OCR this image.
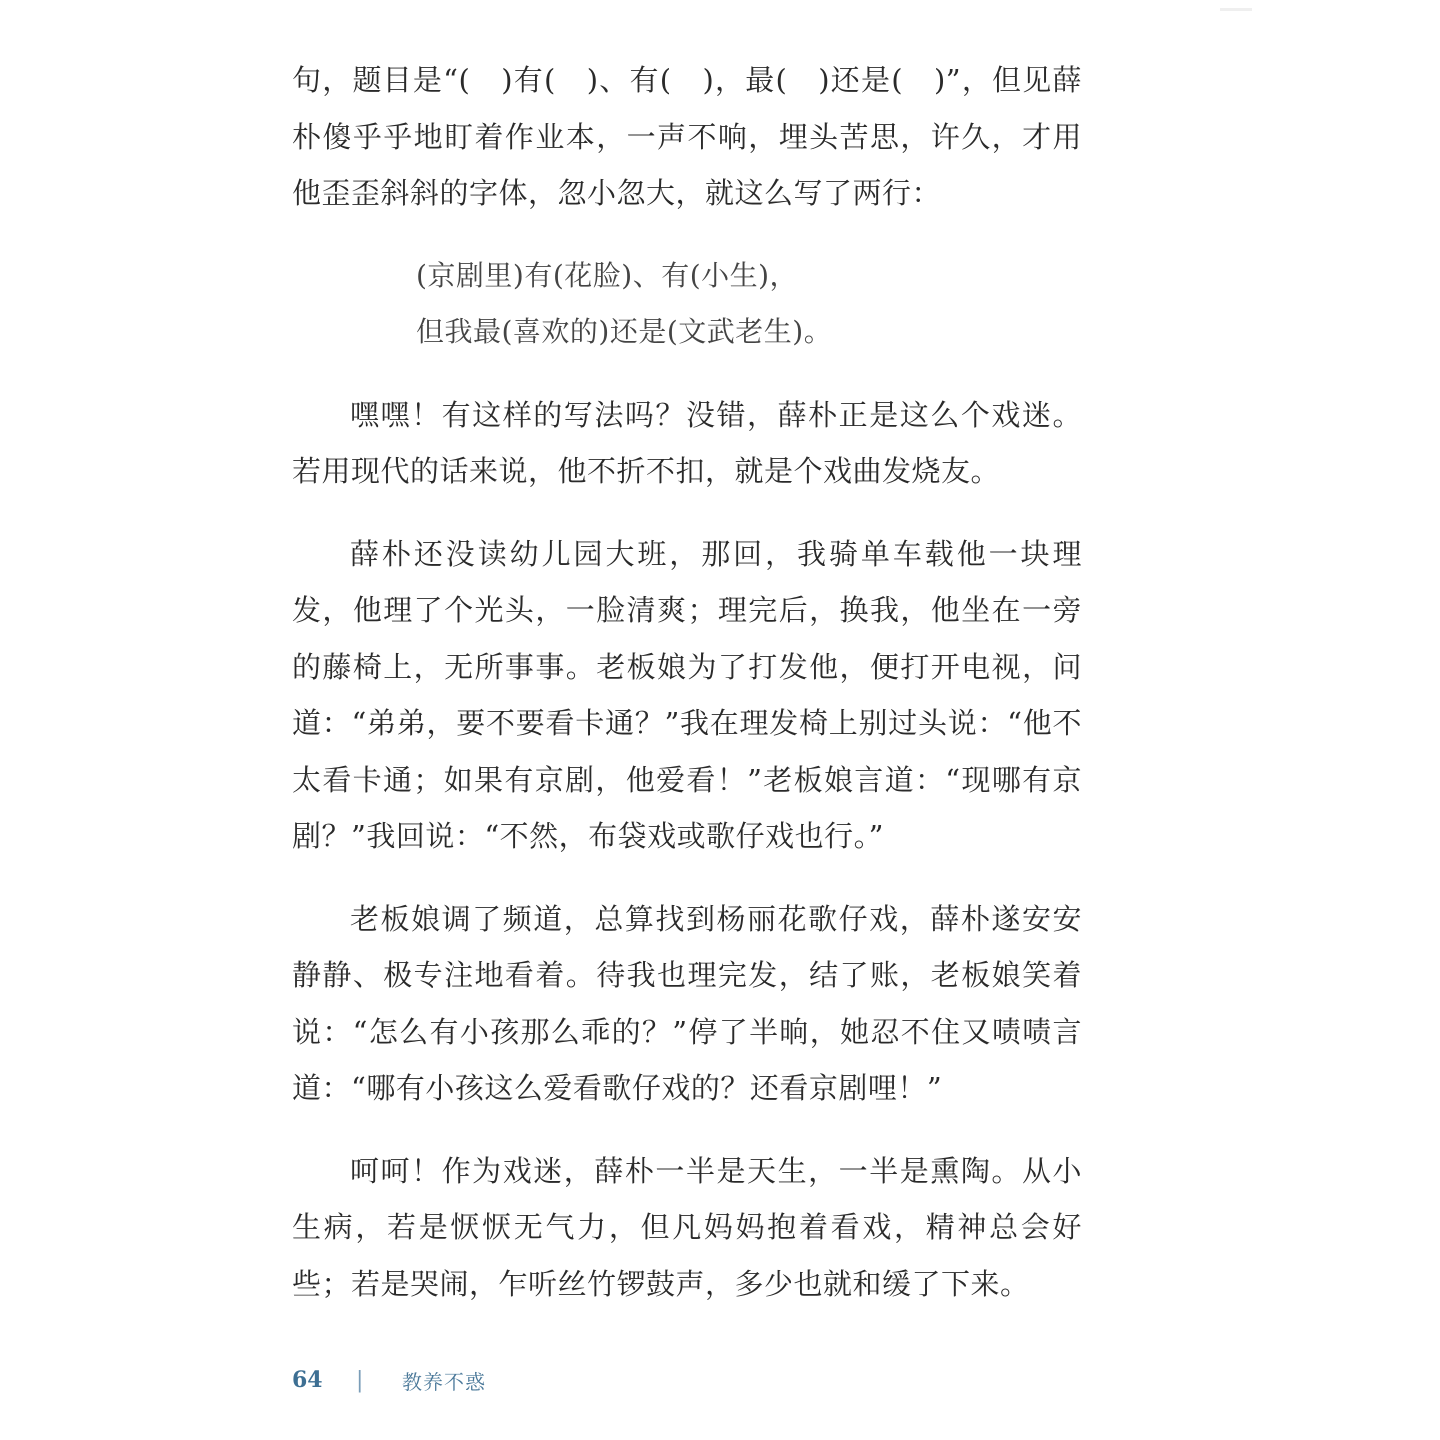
句，题目是“(　)有(　)、有(　)，最(　)还是(　)”，但见薛朴傻乎乎地盯着作业本，一声不响，埋头苦思，许久，才用他歪歪斜斜的字体，忽小忽大，就这么写了两行：

(京剧里)有(花脸)、有(小生)，
但我最(喜欢的)还是(文武老生)。

嘿嘿！有这样的写法吗？没错，薛朴正是这么个戏迷。若用现代的话来说，他不折不扣，就是个戏曲发烧友。

薛朴还没读幼儿园大班，那回，我骑单车载他一块理发，他理了个光头，一脸清爽；理完后，换我，他坐在一旁的藤椅上，无所事事。老板娘为了打发他，便打开电视，问道：“弟弟，要不要看卡通？”我在理发椅上别过头说：“他不太看卡通；如果有京剧，他爱看！”老板娘言道：“现哪有京剧？”我回说：“不然，布袋戏或歌仔戏也行。”

老板娘调了频道，总算找到杨丽花歌仔戏，薛朴遂安安静静、极专注地看着。待我也理完发，结了账，老板娘笑着说：“怎么有小孩那么乖的？”停了半晌，她忍不住又啧啧言道：“哪有小孩这么爱看歌仔戏的？还看京剧哩！”

呵呵！作为戏迷，薛朴一半是天生，一半是熏陶。从小生病，若是恹恹无气力，但凡妈妈抱着看戏，精神总会好些；若是哭闹，乍听丝竹锣鼓声，多少也就和缓了下来。

64	|	教养不惑
